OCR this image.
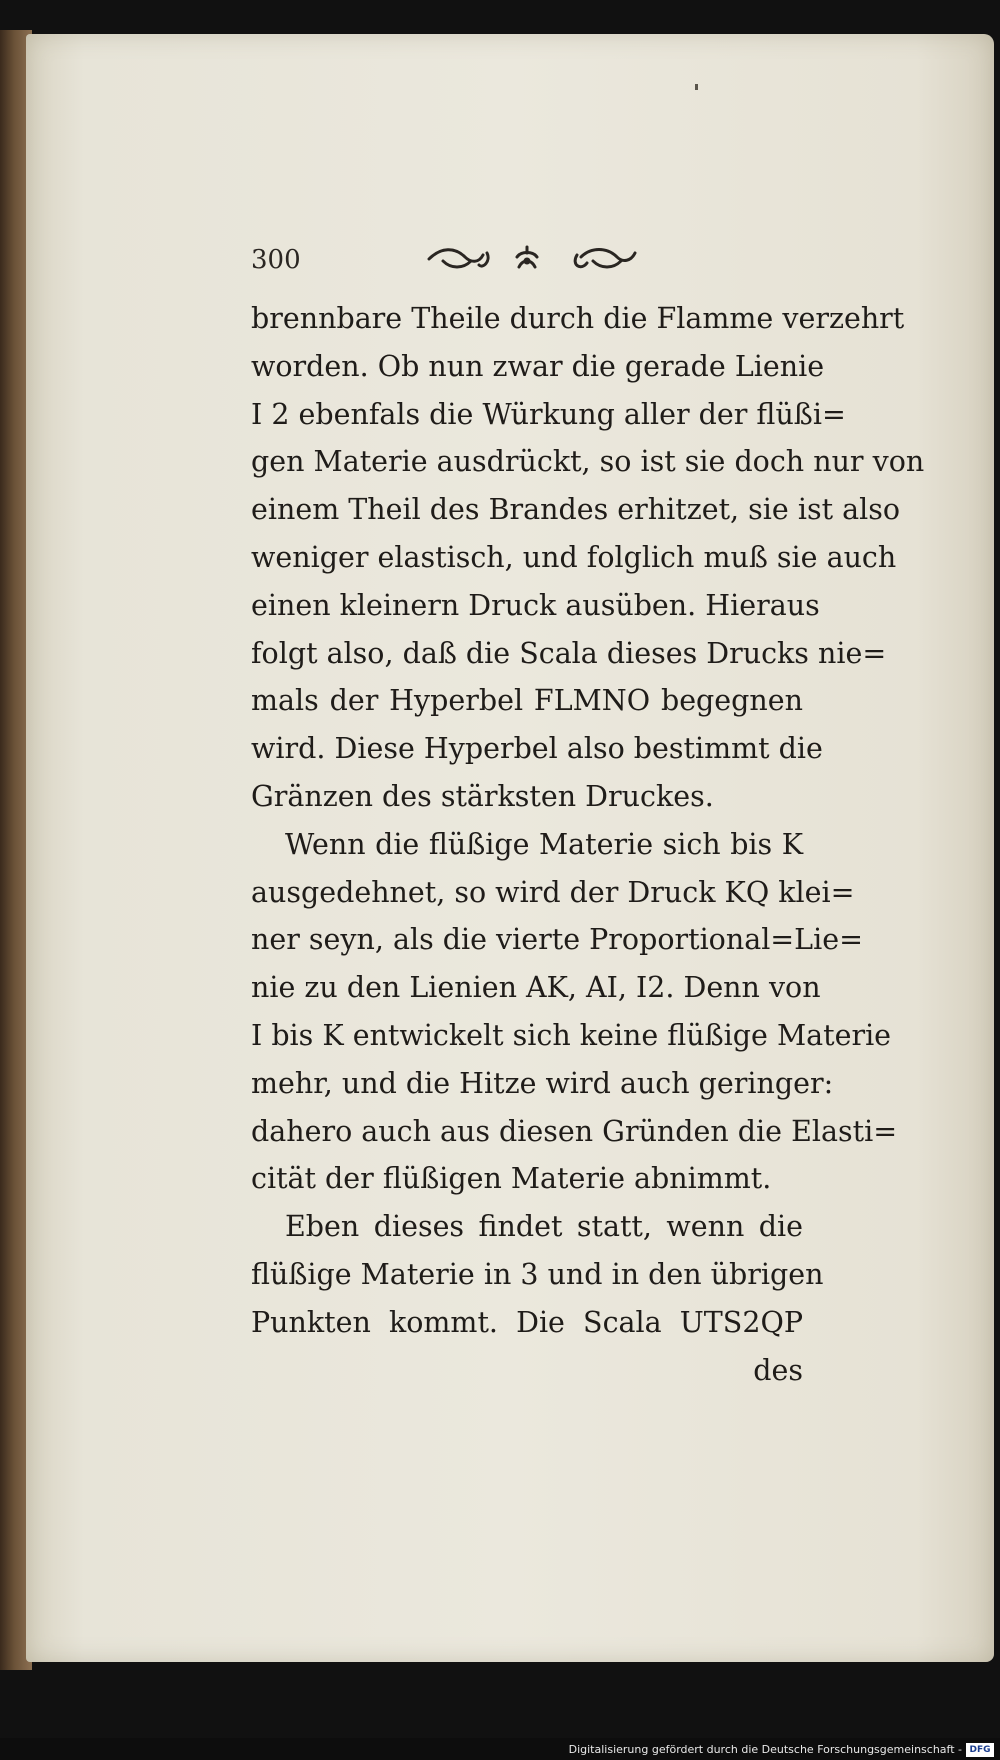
300
brennbare Theile durch die Flamme verzehrt
worden. Ob nun zwar die gerade Lienie
I 2 ebenfals die Würkung aller der flüßi=
gen Materie ausdrückt, so ist sie doch nur von
einem Theil des Brandes erhitzet, sie ist also
weniger elastisch, und folglich muß sie auch
einen kleinern Druck ausüben. Hieraus
folgt also, daß die Scala dieses Drucks nie=
mals der Hyperbel FLMNO begegnen
wird. Diese Hyperbel also bestimmt die
Gränzen des stärksten Druckes.
Wenn die flüßige Materie sich bis K
ausgedehnet, so wird der Druck KQ klei=
ner seyn, als die vierte Proportional=Lie=
nie zu den Lienien AK, AI, I2. Denn von
I bis K entwickelt sich keine flüßige Materie
mehr, und die Hitze wird auch geringer:
dahero auch aus diesen Gründen die Elasti=
cität der flüßigen Materie abnimmt.
Eben dieses findet statt, wenn die
flüßige Materie in 3 und in den übrigen
Punkten kommt. Die Scala UTS2QP
des
Digitalisierung gefördert durch die Deutsche Forschungsgemeinschaft - DFG
